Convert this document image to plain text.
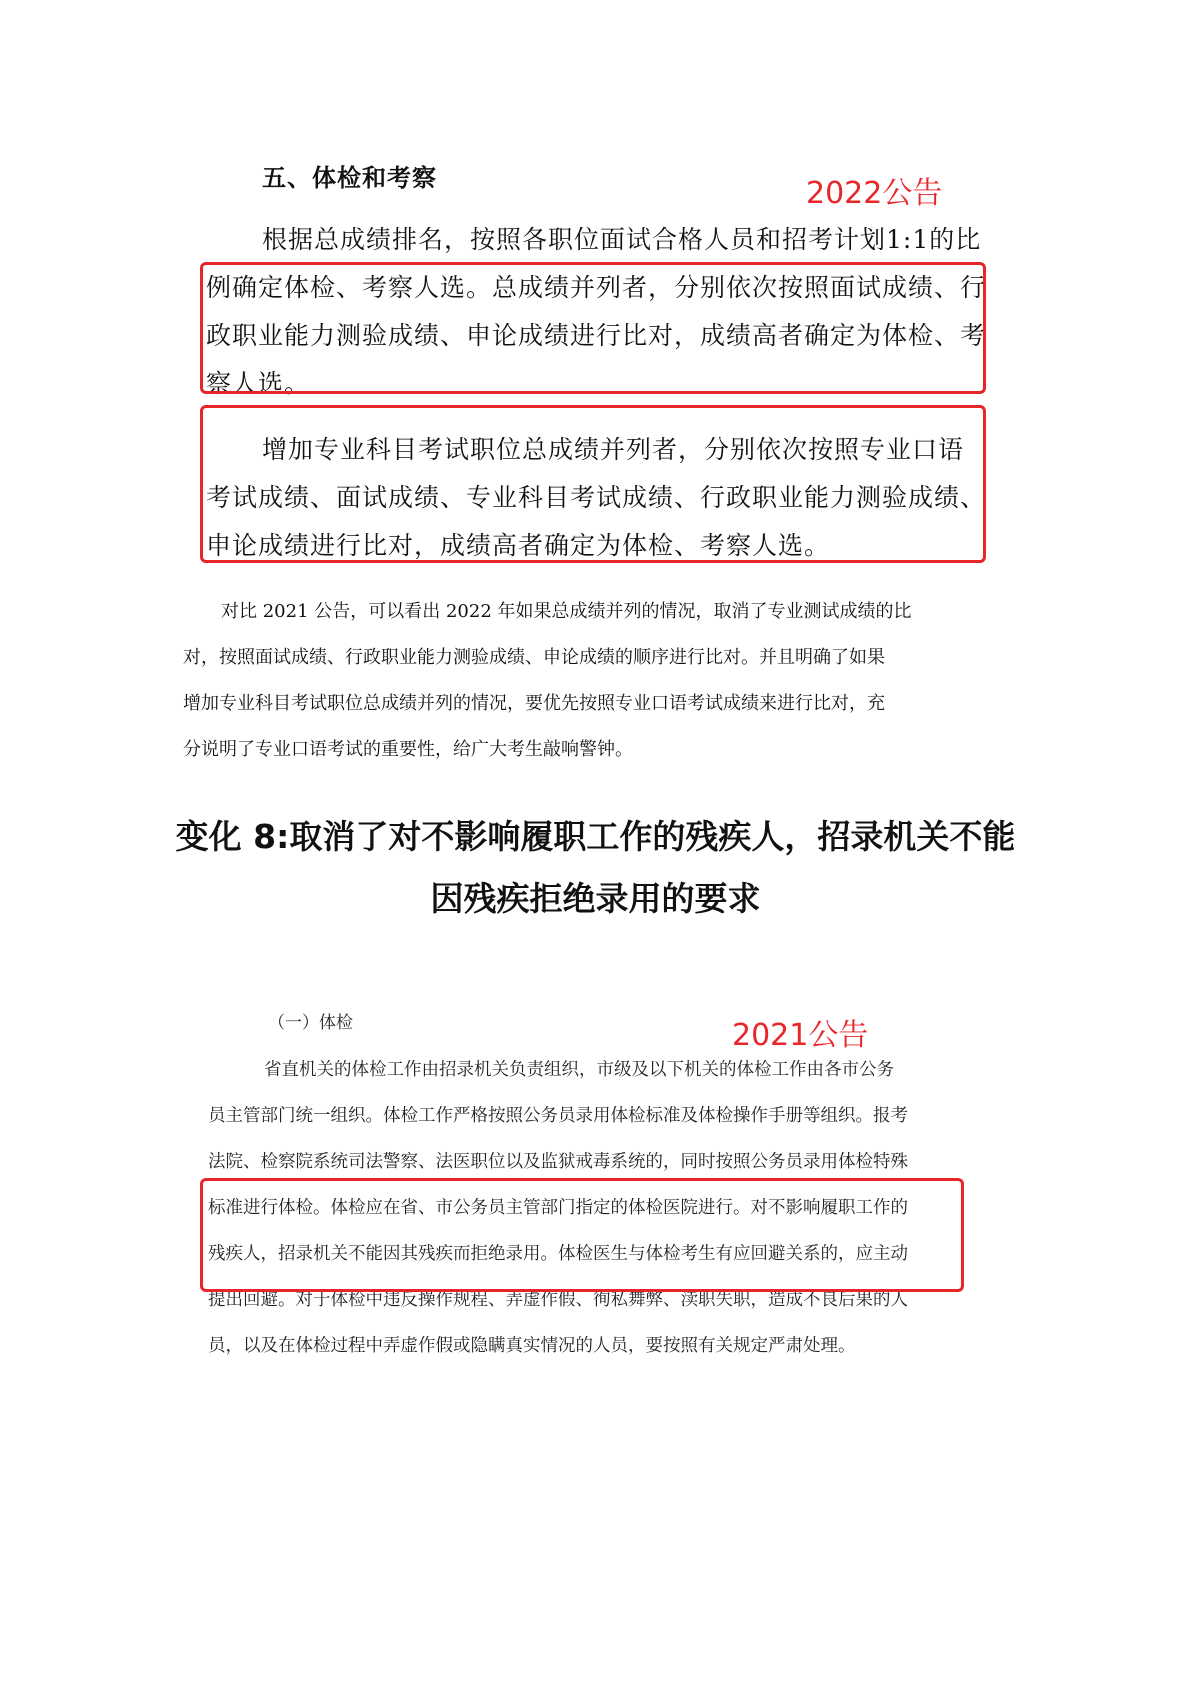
五、体检和考察	2022公告
根据总成绩排名，按照各职位面试合格人员和招考计划1:1的比
例确定体检、考察人选。总成绩并列者，分别依次按照面试成绩、行
政职业能力测验成绩、申论成绩进行比对，成绩高者确定为体检、考
察人选。
增加专业科目考试职位总成绩并列者，分别依次按照专业口语
考试成绩、面试成绩、专业科目考试成绩、行政职业能力测验成绩、
申论成绩进行比对，成绩高者确定为体检、考察人选。
对比 2021 公告，可以看出 2022 年如果总成绩并列的情况，取消了专业测试成绩的比
对，按照面试成绩、行政职业能力测验成绩、申论成绩的顺序进行比对。并且明确了如果
增加专业科目考试职位总成绩并列的情况，要优先按照专业口语考试成绩来进行比对，充
分说明了专业口语考试的重要性，给广大考生敲响警钟。
变化 8:取消了对不影响履职工作的残疾人，招录机关不能
因残疾拒绝录用的要求
（一）体检	2021公告
省直机关的体检工作由招录机关负责组织，市级及以下机关的体检工作由各市公务
员主管部门统一组织。体检工作严格按照公务员录用体检标准及体检操作手册等组织。报考
法院、检察院系统司法警察、法医职位以及监狱戒毒系统的，同时按照公务员录用体检特殊
标准进行体检。体检应在省、市公务员主管部门指定的体检医院进行。对不影响履职工作的
残疾人，招录机关不能因其残疾而拒绝录用。体检医生与体检考生有应回避关系的，应主动
提出回避。对于体检中违反操作规程、弄虚作假、徇私舞弊、渎职失职，造成不良后果的人
员，以及在体检过程中弄虚作假或隐瞒真实情况的人员，要按照有关规定严肃处理。
